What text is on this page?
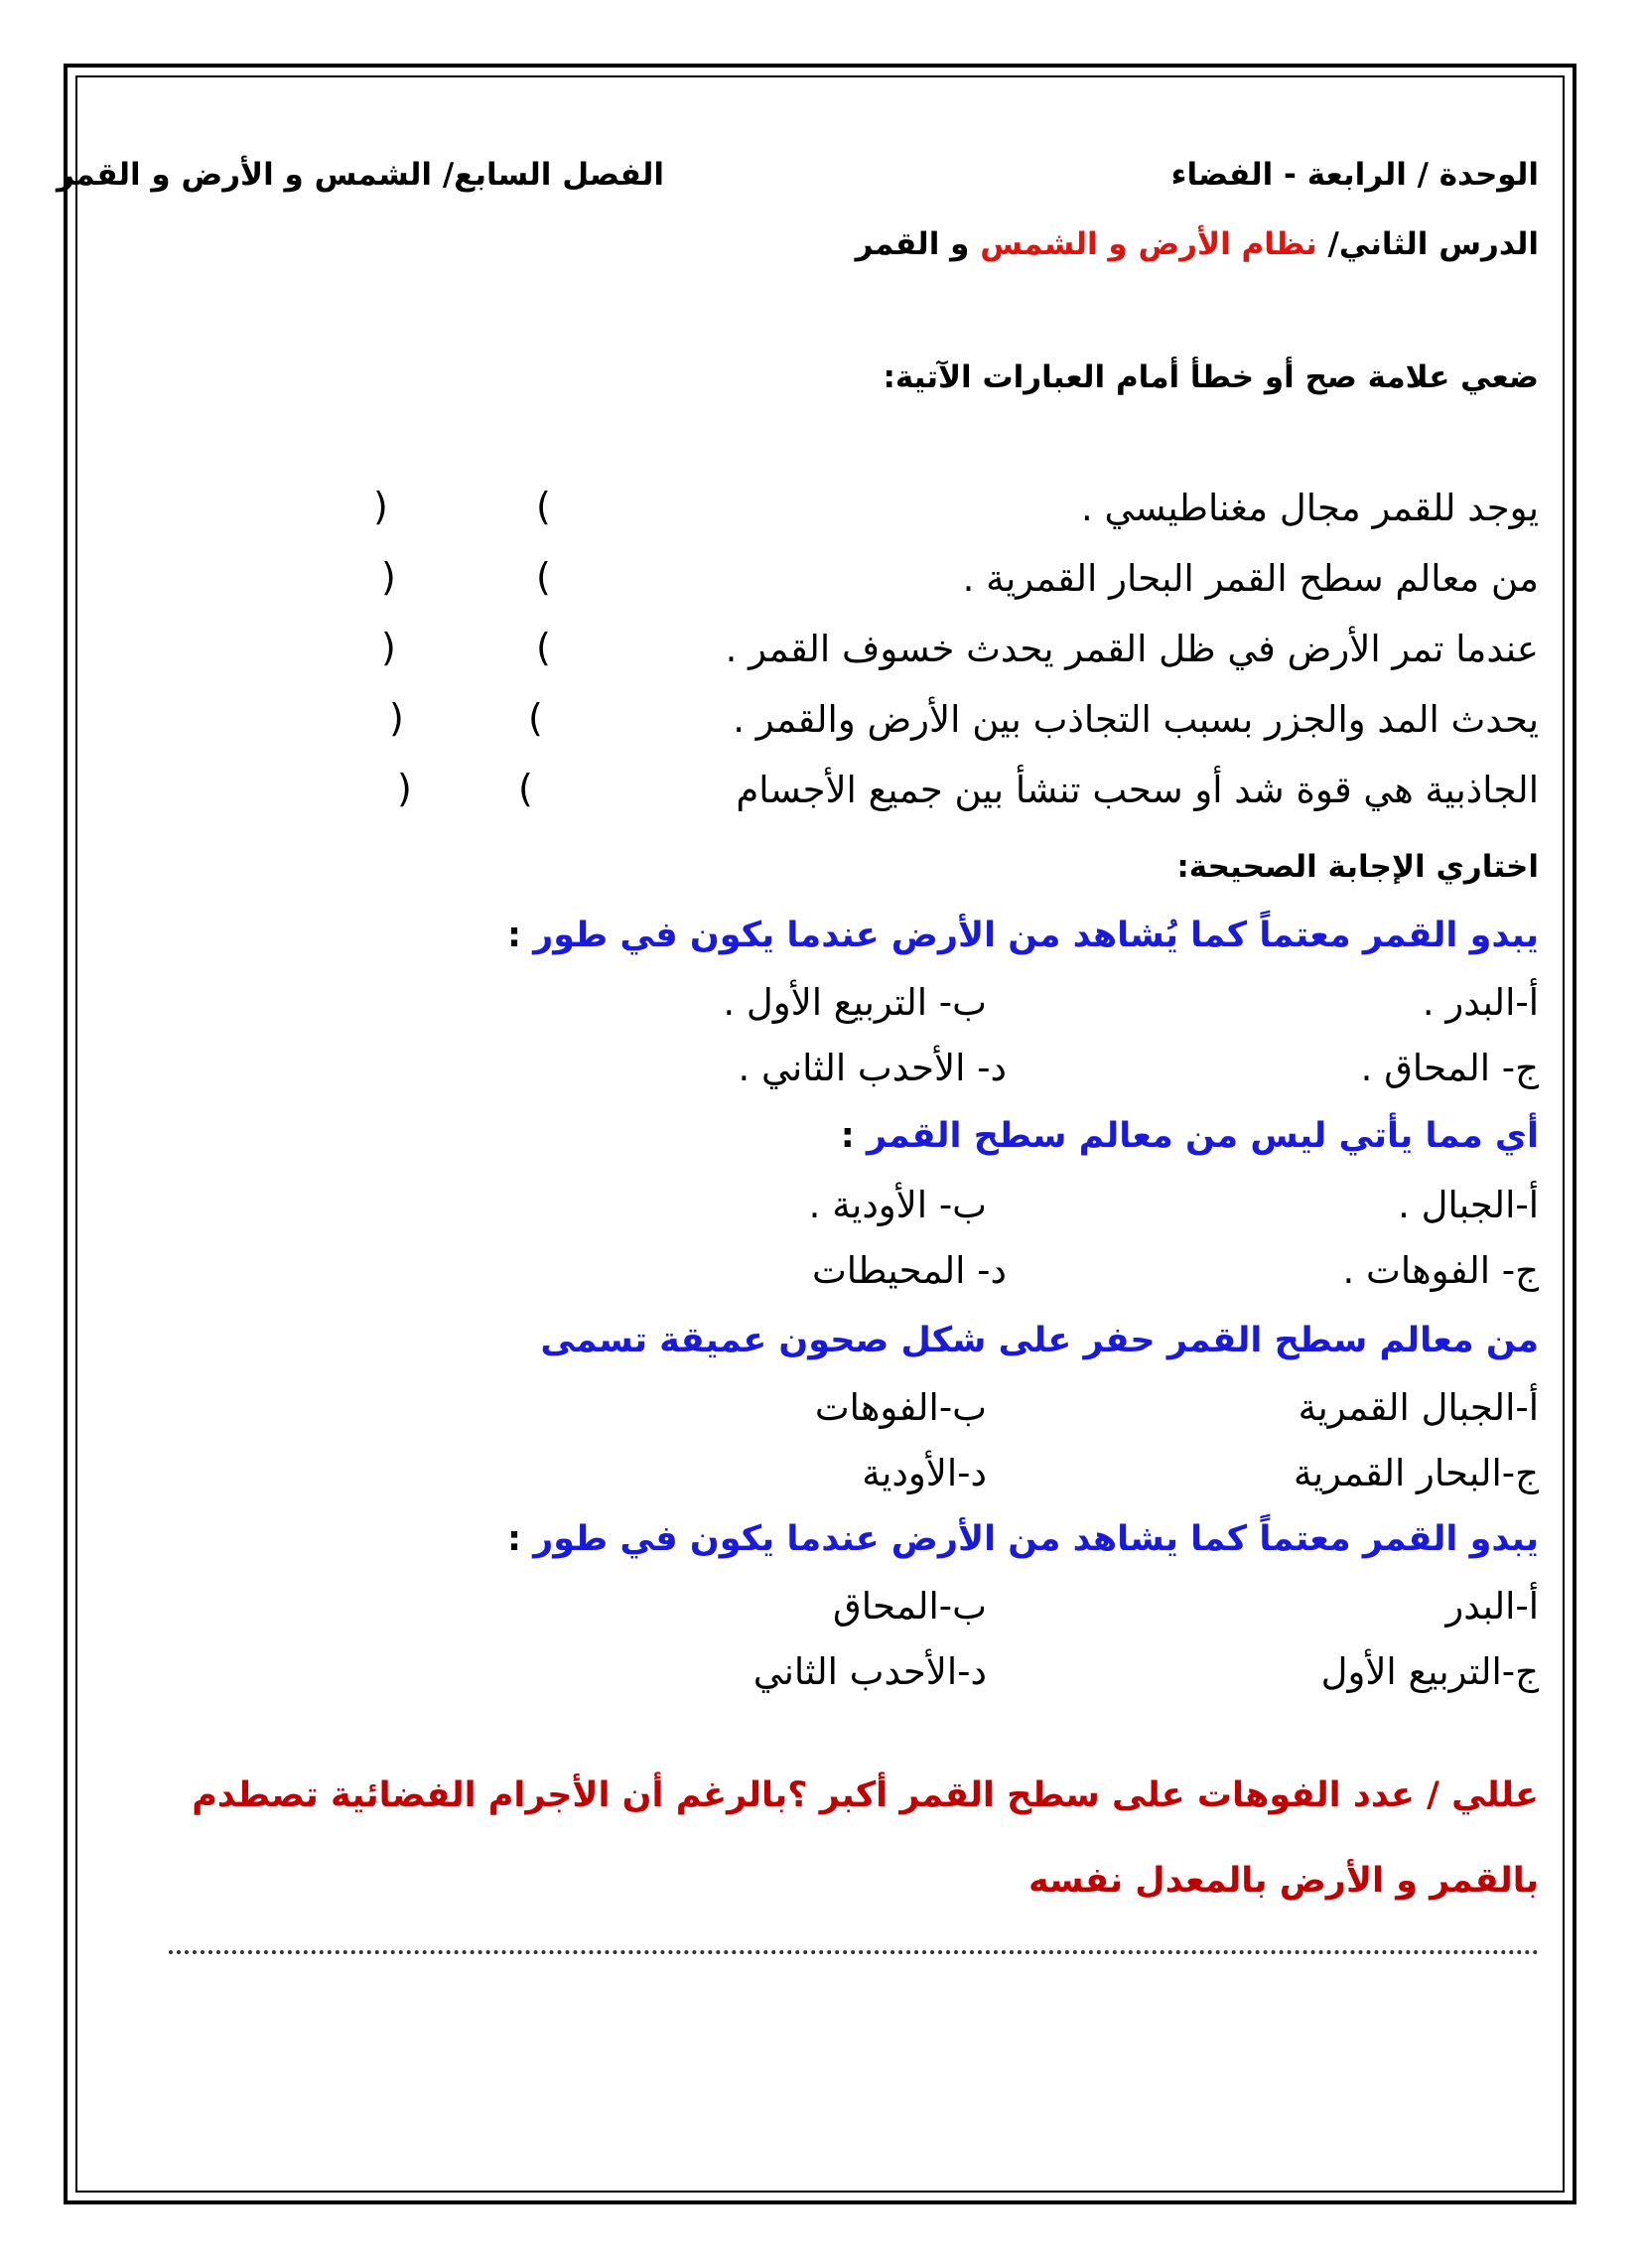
الوحدة / الرابعة - الفضاء
الفصل السابع/ الشمس و الأرض و القمر
الدرس الثاني/ نظام الأرض و الشمس و القمر
ضعي علامة صح أو خطأ أمام العبارات الآتية:
يوجد للقمر مجال مغناطيسي .
من معالم سطح القمر البحار القمرية .
عندما تمر الأرض في ظل القمر يحدث خسوف القمر .
يحدث المد والجزر بسبب التجاذب بين الأرض والقمر .
الجاذبية هي قوة شد أو سحب تنشأ بين جميع الأجسام
(
)
(
)
(
)
(
)
(
)
اختاري الإجابة الصحيحة:
يبدو القمر معتماً كما يُشاهد من الأرض عندما يكون في طور :
أ-البدر .
ب- التربيع الأول .
ج- المحاق .
د- الأحدب الثاني .
أي مما يأتي ليس من معالم سطح القمر :
أ-الجبال .
ب- الأودية .
ج- الفوهات .
د- المحيطات
من معالم سطح القمر حفر على شكل صحون عميقة تسمى
أ-الجبال القمرية
ب-الفوهات
ج-البحار القمرية
د-الأودية
يبدو القمر معتماً كما يشاهد من الأرض عندما يكون في طور :
أ-البدر
ب-المحاق
ج-التربيع الأول
د-الأحدب الثاني
عللي / عدد الفوهات على سطح القمر أكبر ؟بالرغم أن الأجرام الفضائية تصطدم
بالقمر و الأرض بالمعدل نفسه
